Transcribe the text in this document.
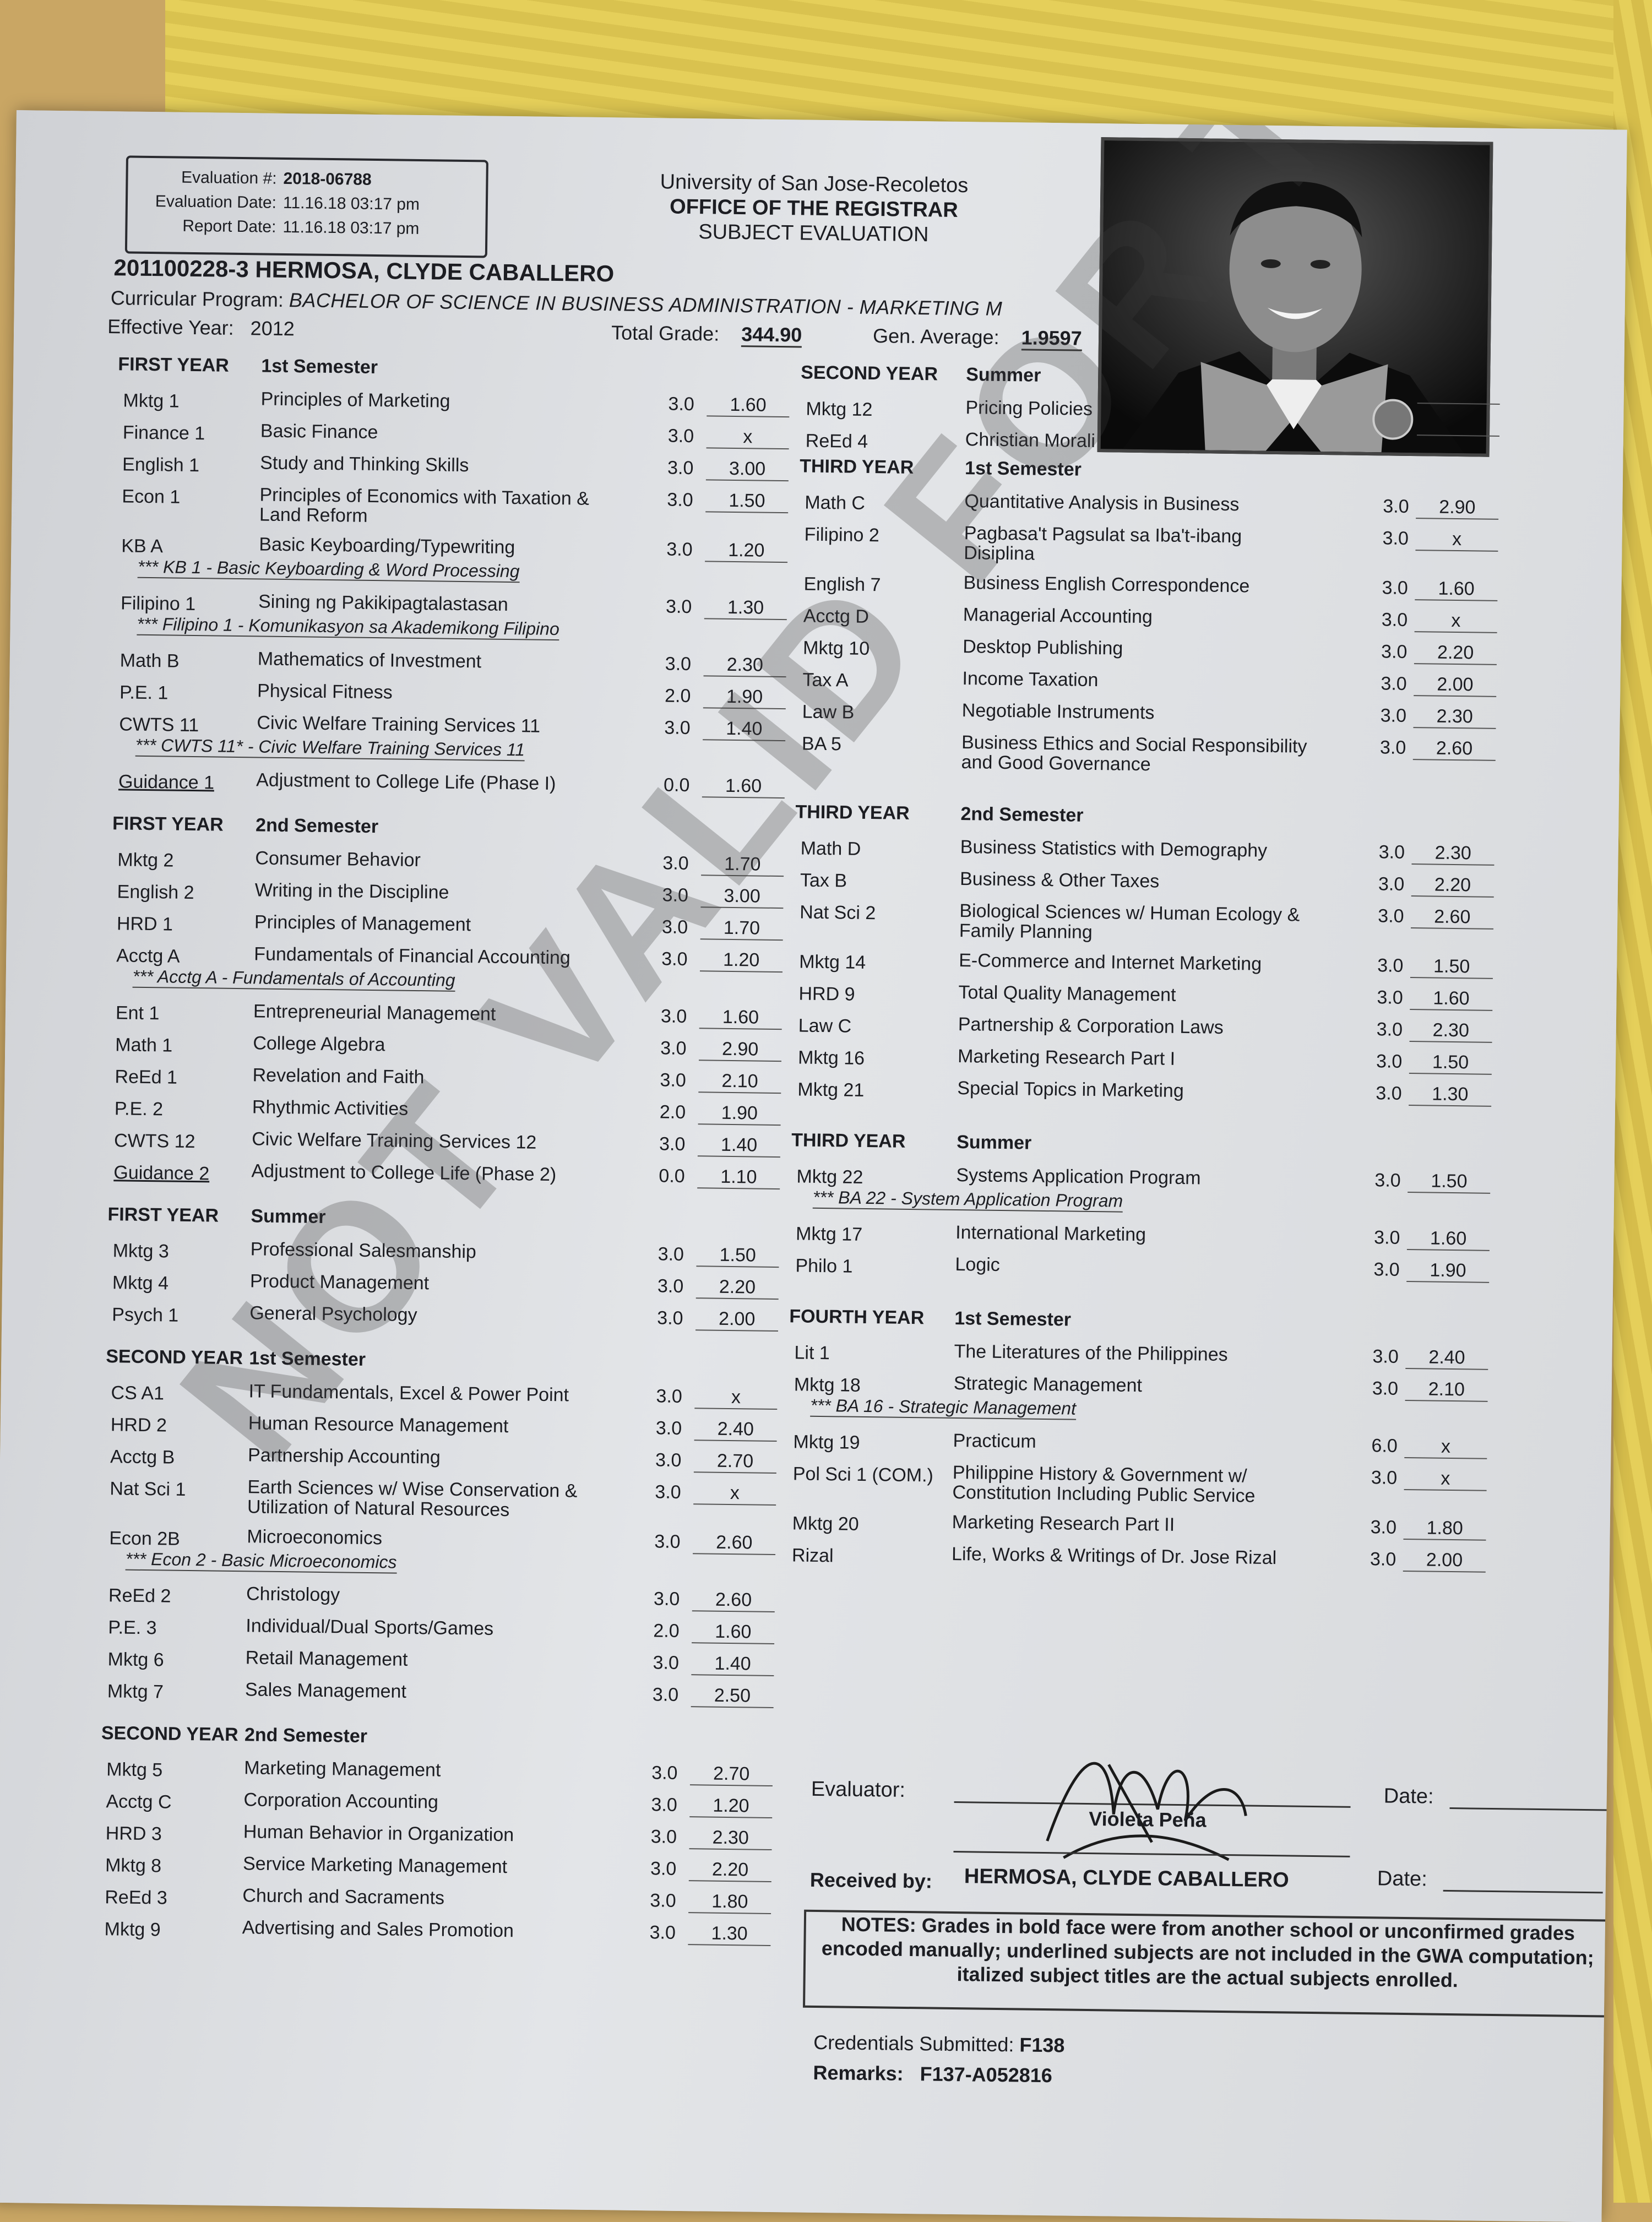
Evaluation #: 2018-06788
Evaluation Date: 11.16.18 03:17 pm
Report Date: 11.16.18 03:17 pm
University of San Jose-Recoletos
OFFICE OF THE REGISTRAR
SUBJECT EVALUATION
201100228-3 HERMOSA, CLYDE CABALLERO
Curricular Program: BACHELOR OF SCIENCE IN BUSINESS ADMINISTRATION - MARKETING M
Effective Year: 2012	Total Grade: 344.90	Gen. Average: 1.9597
FIRST YEAR 1st Semester
Mktg 1	Principles of Marketing	3.0	1.60
Finance 1	Basic Finance	3.0	x
English 1	Study and Thinking Skills	3.0	3.00
Econ 1	Principles of Economics with Taxation &
Land Reform
3.0	1.50
KB A	Basic Keyboarding/Typewriting	3.0	1.20
*** KB 1 - Basic Keyboarding & Word Processing
Filipino 1	Sining ng Pakikipagtalastasan	3.0	1.30
*** Filipino 1 - Komunikasyon sa Akademikong Filipino
Math B	Mathematics of Investment	3.0	2.30
P.E. 1	Physical Fitness	2.0	1.90
CWTS 11	Civic Welfare Training Services 11	3.0	1.40
*** CWTS 11* - Civic Welfare Training Services 11
Guidance 1 Adjustment to College Life (Phase I)	0.0	1.60
FIRST YEAR 2nd Semester
Mktg 2	Consumer Behavior	3.0	1.70
English 2	Writing in the Discipline	3.0	3.00
HRD 1	Principles of Management	3.0	1.70
Acctg A	Fundamentals of Financial Accounting	3.0	1.20
*** Acctg A - Fundamentals of Accounting
Ent 1	Entrepreneurial Management	3.0	1.60
Math 1	College Algebra	3.0	2.90
ReEd 1	Revelation and Faith	3.0	2.10
P.E. 2	Rhythmic Activities	2.0	1.90
CWTS 12	Civic Welfare Training Services 12	3.0	1.40
Guidance 2 Adjustment to College Life (Phase 2)	0.0	1.10
FIRST YEAR Summer
Mktg 3	Professional Salesmanship	3.0	1.50
Mktg 4	Product Management	3.0	2.20
Psych 1	General Psychology	3.0	2.00
SECOND YEAR 1st Semester
CS A1	IT Fundamentals, Excel & Power Point	3.0	x
HRD 2	Human Resource Management	3.0	2.40
Acctg B	Partnership Accounting	3.0	2.70
Nat Sci 1	Earth Sciences w/ Wise Conservation &
Utilization of Natural Resources
3.0	x
Econ 2B	Microeconomics	3.0	2.60
*** Econ 2 - Basic Microeconomics
ReEd 2	Christology	3.0	2.60
P.E. 3	Individual/Dual Sports/Games	2.0	1.60
Mktg 6	Retail Management	3.0	1.40
Mktg 7	Sales Management	3.0	2.50
SECOND YEAR 2nd Semester
Mktg 5	Marketing Management	3.0	2.70
Acctg C	Corporation Accounting	3.0	1.20
HRD 3	Human Behavior in Organization	3.0	2.30
Mktg 8	Service Marketing Management	3.0	2.20
ReEd 3	Church and Sacraments	3.0	1.80
Mktg 9	Advertising and Sales Promotion	3.0	1.30
SECOND YEAR Summer
Mktg 12	Pricing Policies
ReEd 4	Christian Morali
THIRD YEAR	1st Semester
Math C	Quantitative Analysis in Business	3.0	2.90
Filipino 2	Pagbasa't Pagsulat sa Iba't-ibang
Disiplina
3.0	x
English 7	Business English Correspondence	3.0	1.60
Acctg D	Managerial Accounting	3.0	x
Mktg 10	Desktop Publishing	3.0	2.20
Tax A	Income Taxation	3.0	2.00
Law B	Negotiable Instruments	3.0	2.30
BA 5	Business Ethics and Social Responsibility
and Good Governance
3.0	2.60
THIRD YEAR	2nd Semester
Math D	Business Statistics with Demography	3.0	2.30
Tax B	Business & Other Taxes	3.0	2.20
Nat Sci 2	Biological Sciences w/ Human Ecology &
Family Planning
3.0	2.60
Mktg 14	E-Commerce and Internet Marketing	3.0	1.50
HRD 9	Total Quality Management	3.0	1.60
Law C	Partnership & Corporation Laws	3.0	2.30
Mktg 16	Marketing Research Part I	3.0	1.50
Mktg 21	Special Topics in Marketing	3.0	1.30
THIRD YEAR	Summer
Mktg 22	Systems Application Program	3.0	1.50
*** BA 22 - System Application Program
Mktg 17	International Marketing	3.0	1.60
Philo 1	Logic	3.0	1.90
FOURTH YEAR 1st Semester
Lit 1	The Literatures of the Philippines	3.0	2.40
Mktg 18	Strategic Management	3.0	2.10
*** BA 16 - Strategic Management
Mktg 19	Practicum	6.0	x
Pol Sci 1 (COM.) Philippine History & Government w/
Constitution Including Public Service
3.0	x
Mktg 20	Marketing Research Part II	3.0	1.80
Rizal	Life, Works & Writings of Dr. Jose Rizal	3.0	2.00
Evaluator:
Violeta Peña
Date:
Received by: HERMOSA, CLYDE CABALLERO	Date:
NOTES: Grades in bold face were from another school or unconfirmed grades encoded manually; underlined subjects are not included in the GWA computation; italized subject titles are the actual subjects enrolled.
Credentials Submitted: F138
Remarks: F137-A052816
